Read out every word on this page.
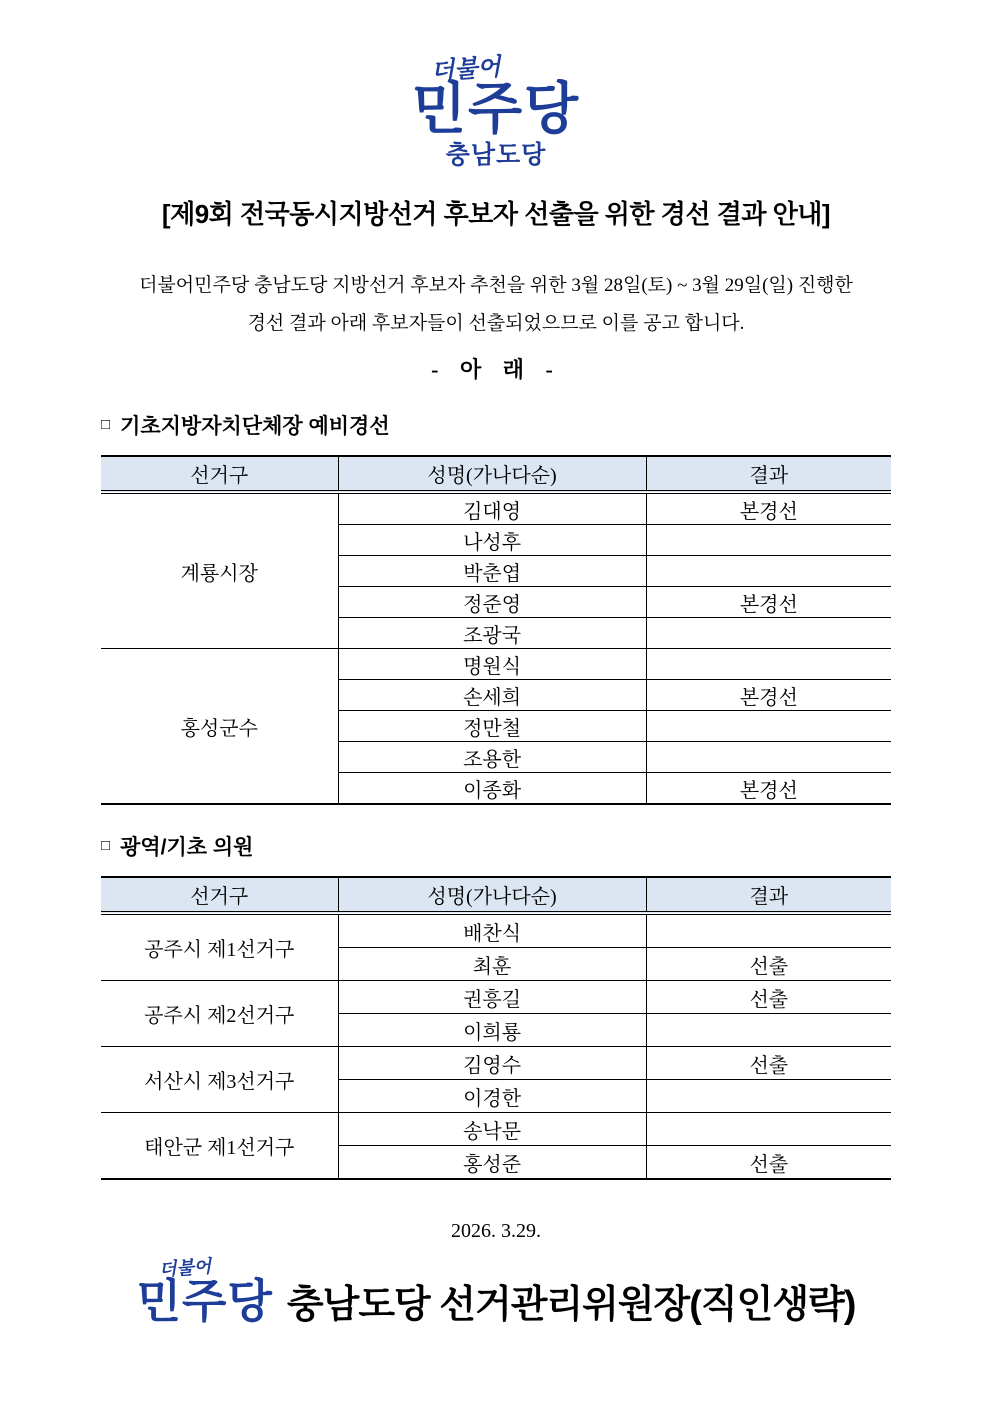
더불어
민주당
충남도당
[제9회 전국동시지방선거 후보자 선출을 위한 경선 결과 안내]
더불어민주당 충남도당 지방선거 후보자 추천을 위한 3월 28일(토) ~ 3월 29일(일) 진행한
경선 결과 아래 후보자들이 선출되었으므로 이를 공고 합니다.
- 아 래 -
□ 기초지방자치단체장 예비경선
선거구	성명(가나다순)	결과
계룡시장	김대영	본경선
	나성후	
	박춘엽	
	정준영	본경선
	조광국	
홍성군수	명원식	
	손세희	본경선
	정만철	
	조용한	
	이종화	본경선
□ 광역/기초 의원
선거구	성명(가나다순)	결과
공주시 제1선거구	배찬식	
	최훈	선출
공주시 제2선거구	권흥길	선출
	이희룡	
서산시 제3선거구	김영수	선출
	이경한	
태안군 제1선거구	송낙문	
	홍성준	선출
2026. 3.29.
더불어
민주당 충남도당 선거관리위원장(직인생략)
